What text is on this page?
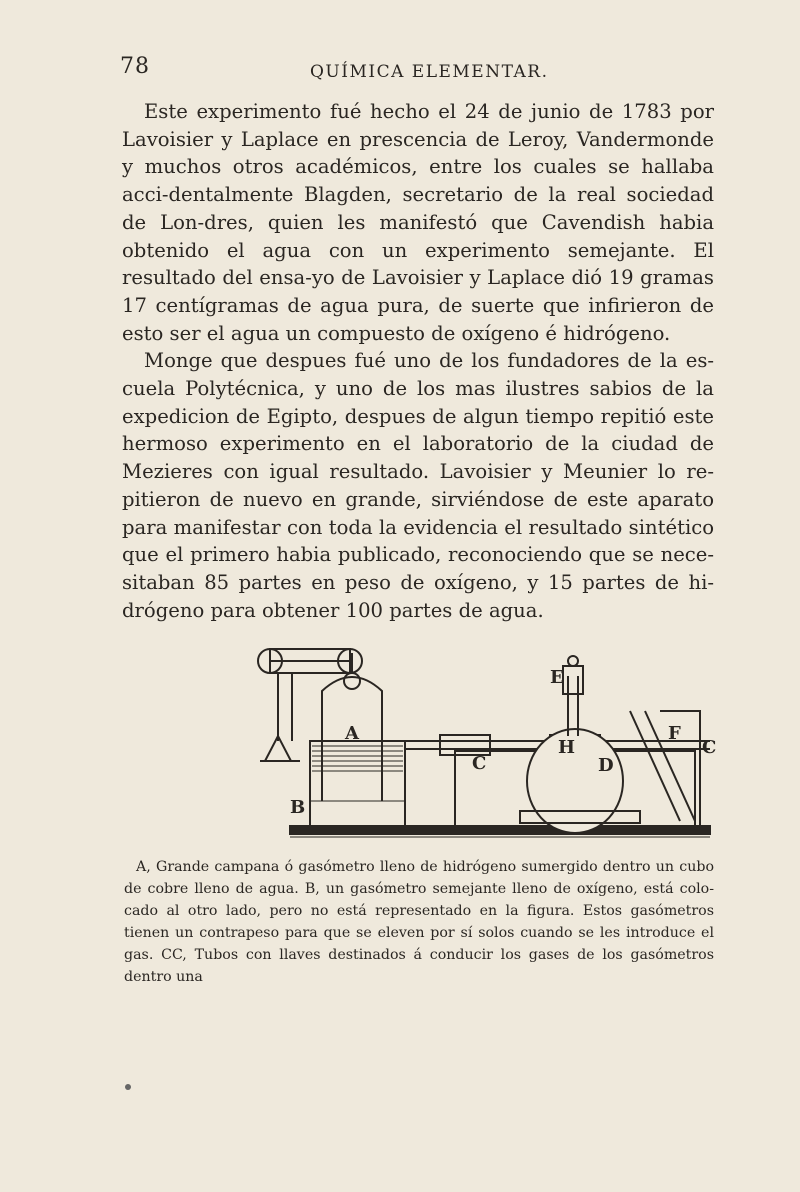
78	QUÍMICA ELEMENTAR.

Este experimento fué hecho el 24 de junio de 1783 por Lavoisier y Laplace en prescencia de Leroy, Vandermonde y muchos otros académicos, entre los cuales se hallaba acci-dentalmente Blagden, secretario de la real sociedad de Lon-dres, quien les manifestó que Cavendish habia obtenido el agua con un experimento semejante. El resultado del ensa-yo de Lavoisier y Laplace dió 19 gramas 17 centígramas de agua pura, de suerte que infirieron de esto ser el agua un compuesto de oxígeno é hidrógeno.

Monge que despues fué uno de los fundadores de la es-cuela Polytécnica, y uno de los mas ilustres sabios de la expedicion de Egipto, despues de algun tiempo repitió este hermoso experimento en el laboratorio de la ciudad de Mezieres con igual resultado. Lavoisier y Meunier lo re-pitieron de nuevo en grande, sirviéndose de este aparato para manifestar con toda la evidencia el resultado sintético que el primero habia publicado, reconociendo que se nece-sitaban 85 partes en peso de oxígeno, y 15 partes de hi-drógeno para obtener 100 partes de agua.

A
B
C
C
D
E
F
H

A, Grande campana ó gasómetro lleno de hidrógeno sumergido dentro un cubo de cobre lleno de agua. B, un gasómetro semejante lleno de oxígeno, está colo-cado al otro lado, pero no está representado en la figura. Estos gasómetros tienen un contrapeso para que se eleven por sí solos cuando se les introduce el gas. CC, Tubos con llaves destinados á conducir los gases de los gasómetros dentro una
